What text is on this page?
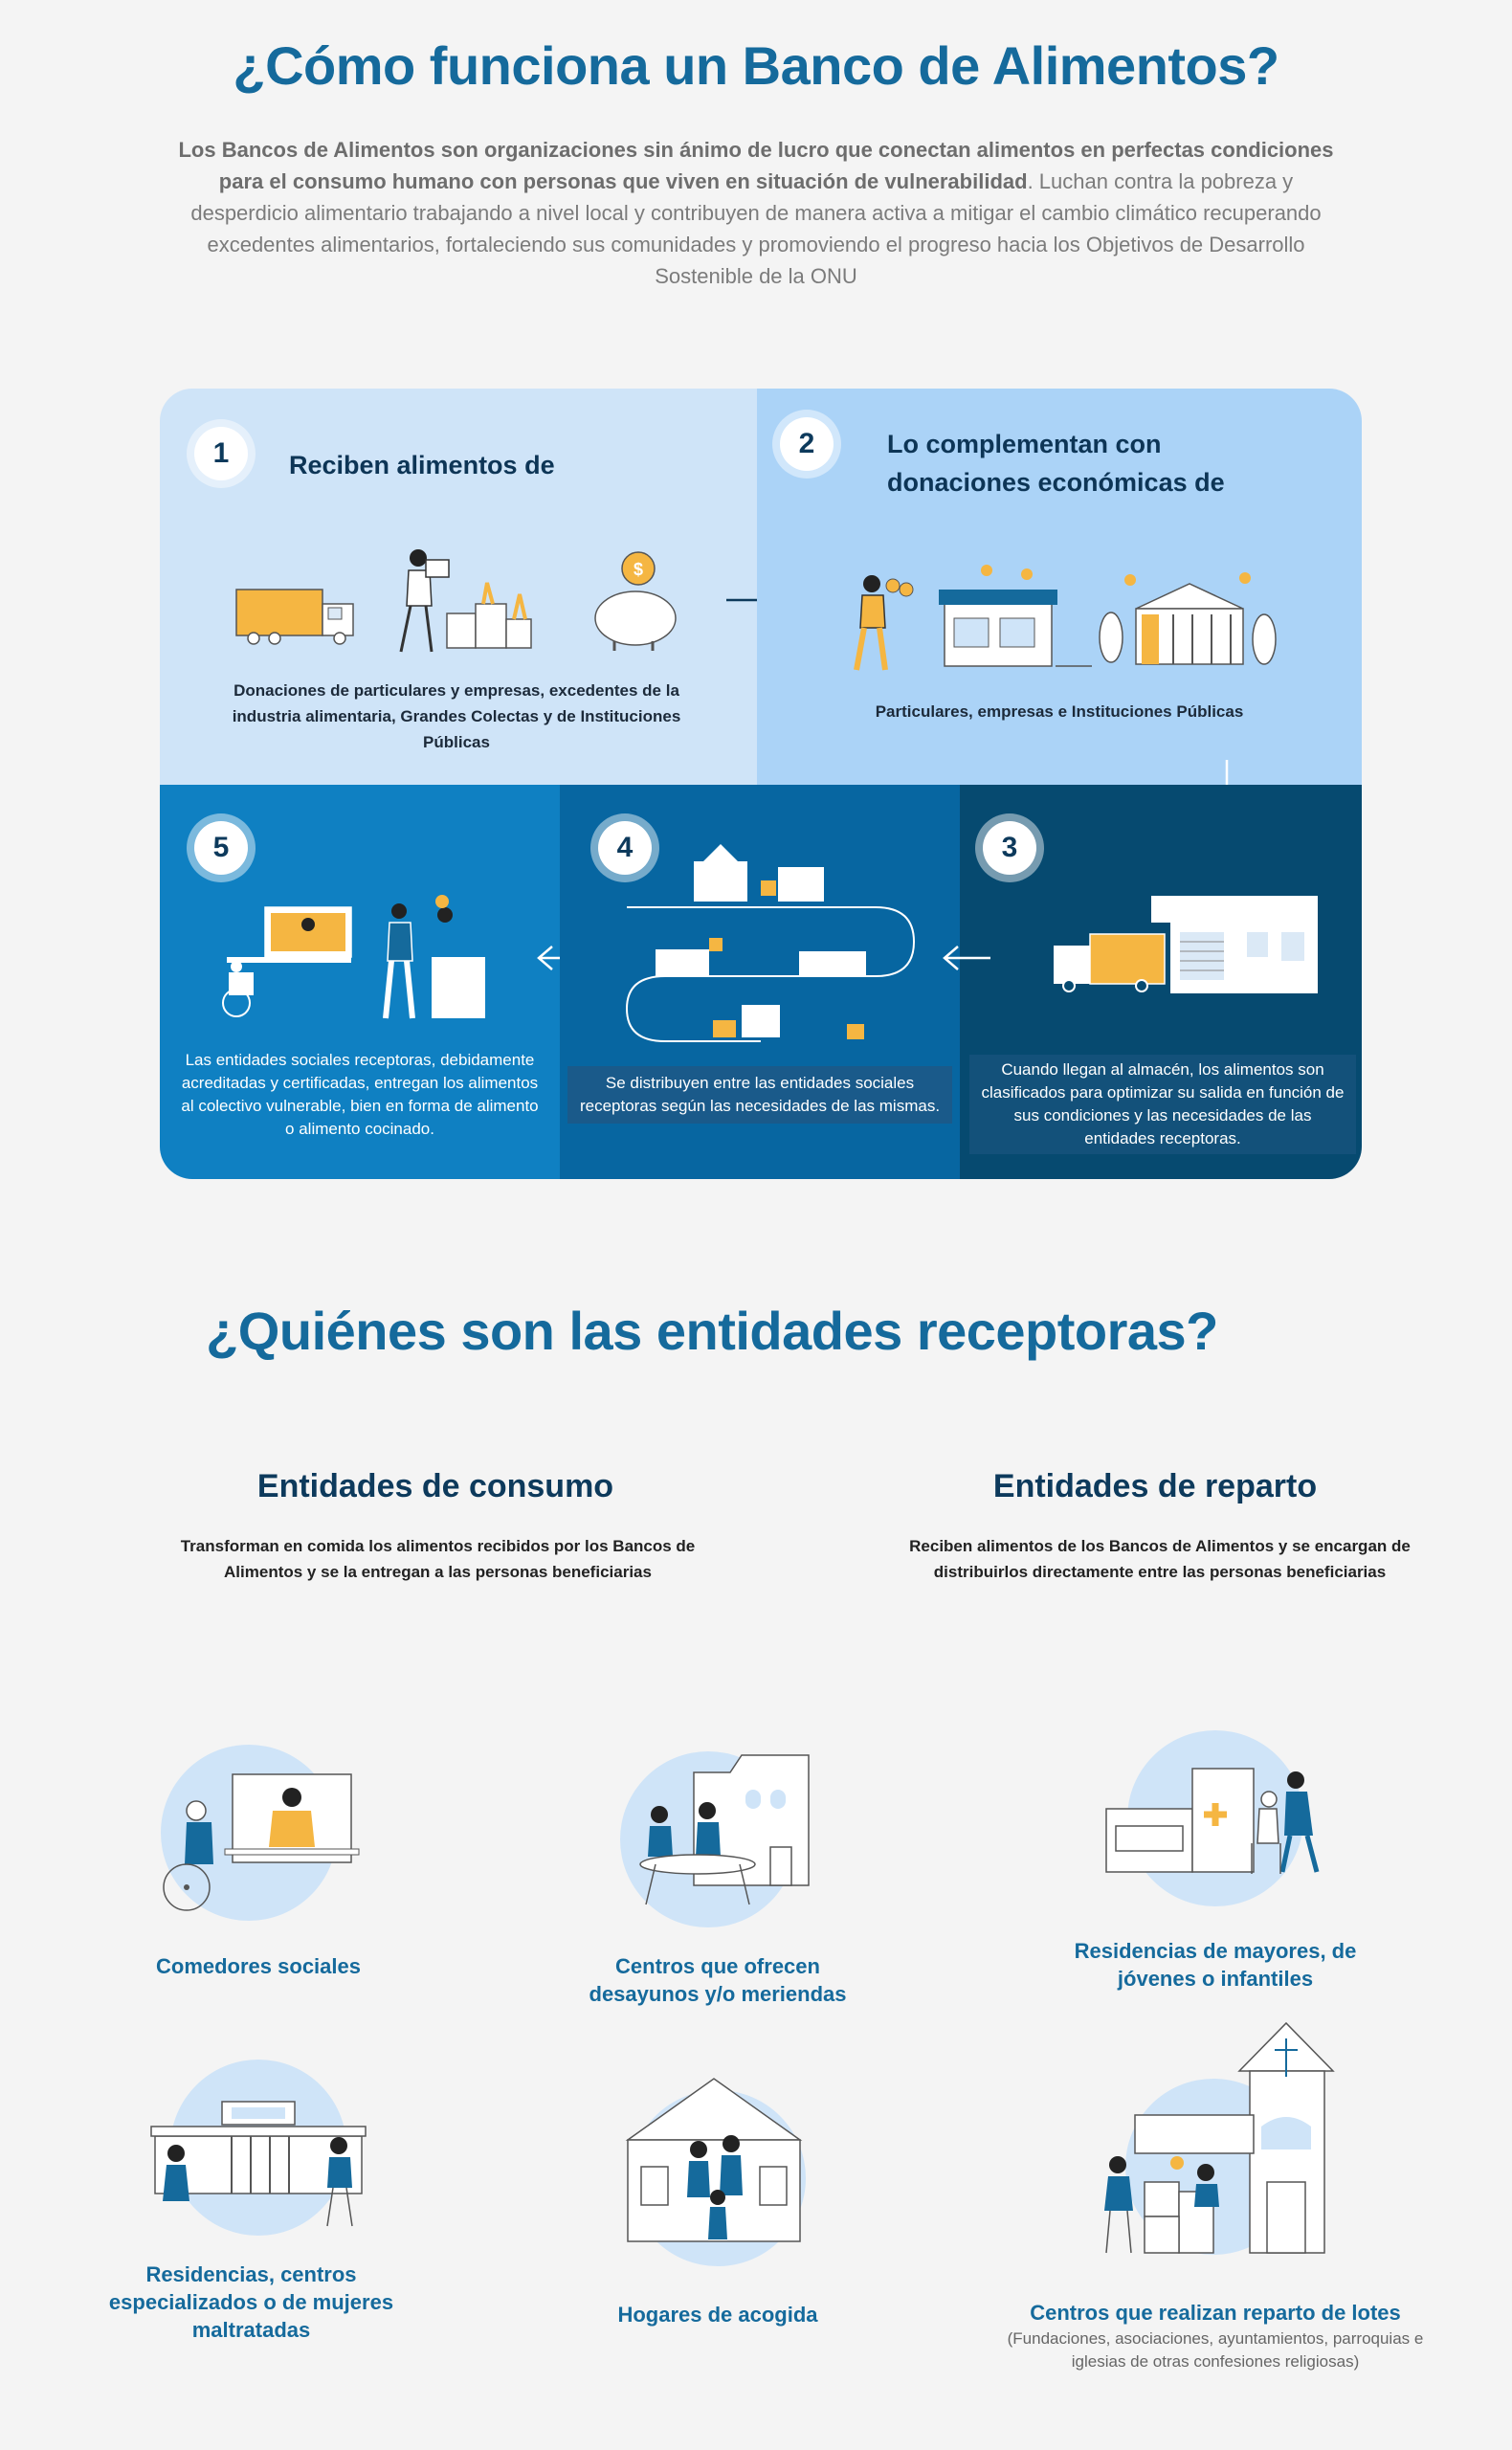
¿Cómo funciona un Banco de Alimentos?
Los Bancos de Alimentos son organizaciones sin ánimo de lucro que conectan alimentos en perfectas condiciones para el consumo humano con personas que viven en situación de vulnerabilidad. Luchan contra la pobreza y desperdicio alimentario trabajando a nivel local y contribuyen de manera activa a mitigar el cambio climático recuperando excedentes alimentarios, fortaleciendo sus comunidades y promoviendo el progreso hacia los Objetivos de Desarrollo Sostenible de la ONU
1	Reciben alimentos de
$
Donaciones de particulares y empresas, excedentes de la industria alimentaria, Grandes Colectas y de Instituciones Públicas
2	Lo complementan con donaciones económicas de
Particulares, empresas e Instituciones Públicas
5
Las entidades sociales receptoras, debidamente acreditadas y certificadas, entregan los alimentos al colectivo vulnerable, bien en forma de alimento o alimento cocinado.
4
Se distribuyen entre las entidades sociales receptoras según las necesidades de las mismas.
3
Cuando llegan al almacén, los alimentos son clasificados para optimizar su salida en función de sus condiciones y las necesidades de las entidades receptoras.
¿Quiénes son las entidades receptoras?
Entidades de consumo
Transforman en comida los alimentos recibidos por los Bancos de Alimentos y se la entregan a las personas beneficiarias
Entidades de reparto
Reciben alimentos de los Bancos de Alimentos y se encargan de distribuirlos directamente entre las personas beneficiarias
Comedores sociales	Centros que ofrecen desayunos y/o meriendas
Residencias de mayores, de jóvenes o infantiles
Residencias, centros especializados o de mujeres maltratadas
Hogares de acogida	Centros que realizan reparto de lotes
(Fundaciones, asociaciones, ayuntamientos, parroquias e iglesias de otras confesiones religiosas)
